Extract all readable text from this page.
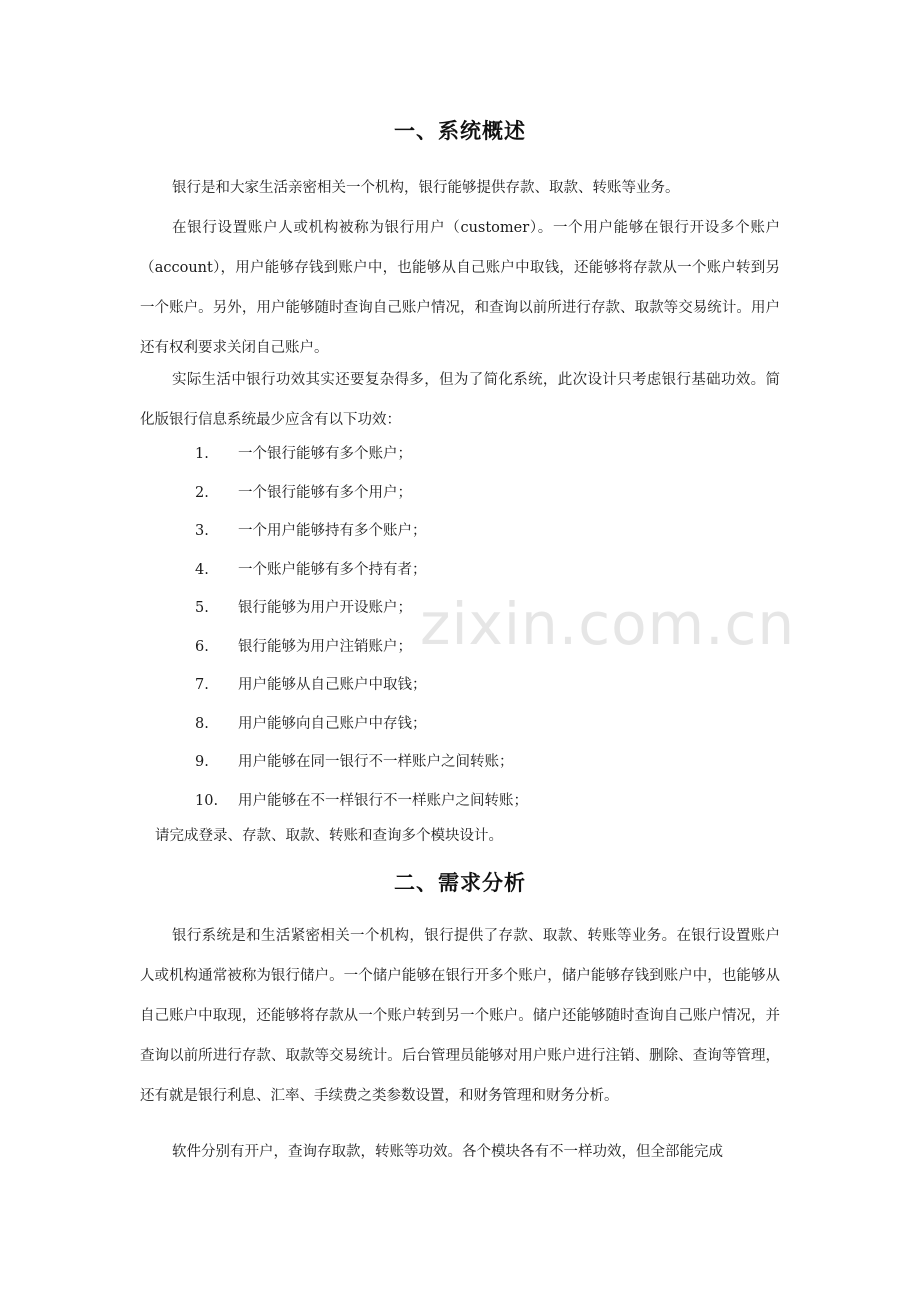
一、系统概述

银行是和大家生活亲密相关一个机构，银行能够提供存款、取款、转账等业务。

在银行设置账户人或机构被称为银行用户（customer）。一个用户能够在银行开设多个账户（account），用户能够存钱到账户中，也能够从自己账户中取钱，还能够将存款从一个账户转到另一个账户。另外，用户能够随时查询自己账户情况，和查询以前所进行存款、取款等交易统计。用户还有权利要求关闭自己账户。

实际生活中银行功效其实还要复杂得多，但为了简化系统，此次设计只考虑银行基础功效。简化版银行信息系统最少应含有以下功效：

1. 一个银行能够有多个账户；
2. 一个银行能够有多个用户；
3. 一个用户能够持有多个账户；
4. 一个账户能够有多个持有者；
5. 银行能够为用户开设账户；
6. 银行能够为用户注销账户；
7. 用户能够从自己账户中取钱；
8. 用户能够向自己账户中存钱；
9. 用户能够在同一银行不一样账户之间转账；
10. 用户能够在不一样银行不一样账户之间转账；
请完成登录、存款、取款、转账和查询多个模块设计。
二、需求分析

银行系统是和生活紧密相关一个机构，银行提供了存款、取款、转账等业务。在银行设置账户人或机构通常被称为银行储户。一个储户能够在银行开多个账户，储户能够存钱到账户中，也能够从自己账户中取现，还能够将存款从一个账户转到另一个账户。储户还能够随时查询自己账户情况，并查询以前所进行存款、取款等交易统计。后台管理员能够对用户账户进行注销、删除、查询等管理，还有就是银行利息、汇率、手续费之类参数设置，和财务管理和财务分析。

软件分别有开户，查询存取款，转账等功效。各个模块各有不一样功效，但全部能完成

zixin.com.cn
